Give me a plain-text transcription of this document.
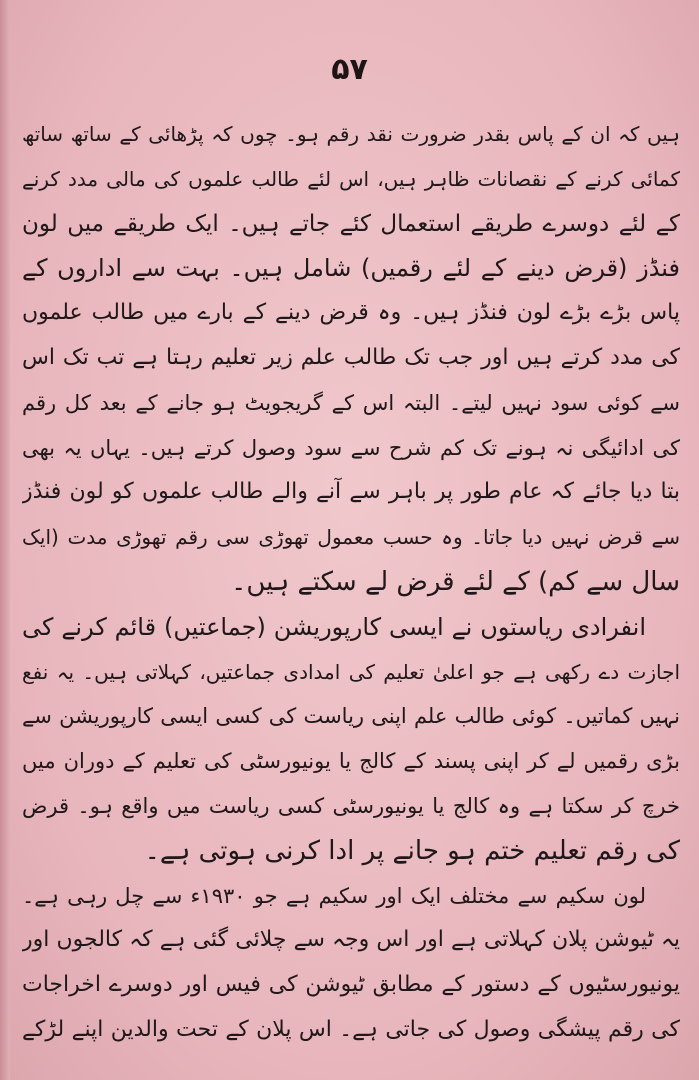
۵۷
ہیں کہ ان کے پاس بقدر ضرورت نقد رقم ہو۔ چوں کہ پڑھائی کے ساتھ ساتھ
کمائی کرنے کے نقصانات ظاہر ہیں، اس لئے طالب علموں کی مالی مدد کرنے
کے لئے دوسرے طریقے استعمال کئے جاتے ہیں۔ ایک طریقے میں لون
فنڈز (قرض دینے کے لئے رقمیں) شامل ہیں۔ بہت سے اداروں کے
پاس بڑے بڑے لون فنڈز ہیں۔ وہ قرض دینے کے بارے میں طالب علموں
کی مدد کرتے ہیں اور جب تک طالب علم زیر تعلیم رہتا ہے تب تک اس
سے کوئی سود نہیں لیتے۔ البتہ اس کے گریجویٹ ہو جانے کے بعد کل رقم
کی ادائیگی نہ ہونے تک کم شرح سے سود وصول کرتے ہیں۔ یہاں یہ بھی
بتا دیا جائے کہ عام طور پر باہر سے آنے والے طالب علموں کو لون فنڈز
سے قرض نہیں دیا جاتا۔ وہ حسب معمول تھوڑی سی رقم تھوڑی مدت (ایک
سال سے کم) کے لئے قرض لے سکتے ہیں۔
انفرادی ریاستوں نے ایسی کارپوریشن (جماعتیں) قائم کرنے کی
اجازت دے رکھی ہے جو اعلیٰ تعلیم کی امدادی جماعتیں، کہلاتی ہیں۔ یہ نفع
نہیں کماتیں۔ کوئی طالب علم اپنی ریاست کی کسی ایسی کارپوریشن سے
بڑی رقمیں لے کر اپنی پسند کے کالج یا یونیورسٹی کی تعلیم کے دوران میں
خرچ کر سکتا ہے وہ کالج یا یونیورسٹی کسی ریاست میں واقع ہو۔ قرض
کی رقم تعلیم ختم ہو جانے پر ادا کرنی ہوتی ہے۔
لون سکیم سے مختلف ایک اور سکیم ہے جو ۱۹۳۰ء سے چل رہی ہے۔
یہ ٹیوشن پلان کہلاتی ہے اور اس وجہ سے چلائی گئی ہے کہ کالجوں اور
یونیورسٹیوں کے دستور کے مطابق ٹیوشن کی فیس اور دوسرے اخراجات
کی رقم پیشگی وصول کی جاتی ہے۔ اس پلان کے تحت والدین اپنے لڑکے
